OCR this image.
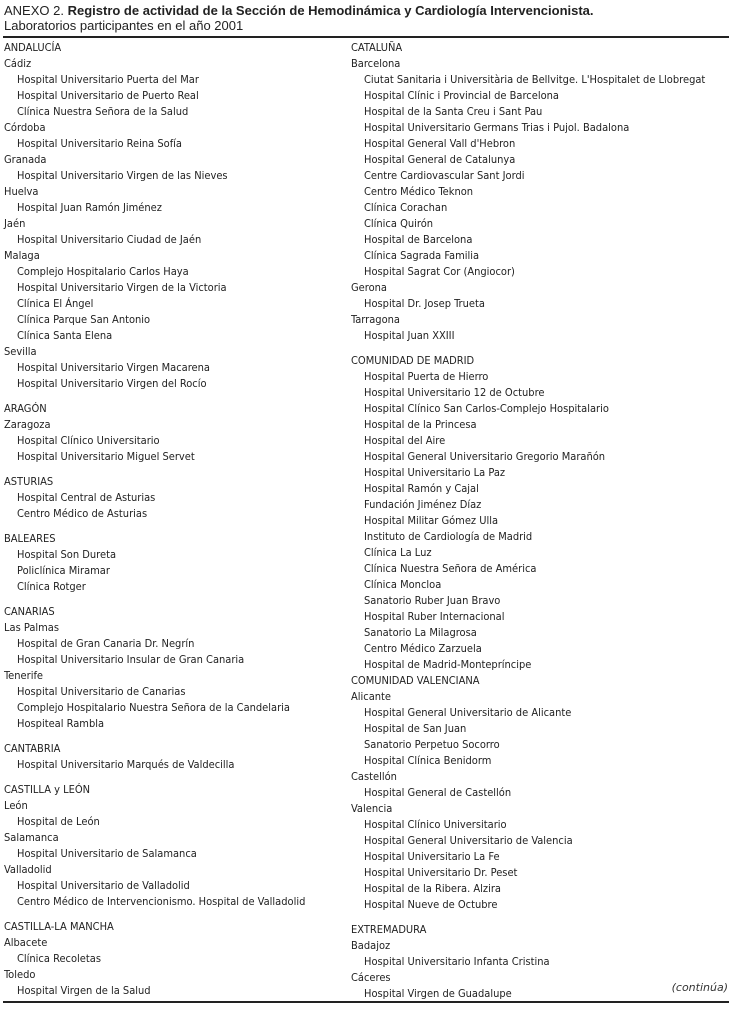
ANEXO 2. Registro de actividad de la Sección de Hemodinámica y Cardiología Intervencionista.
Laboratorios participantes en el año 2001
ANDALUCÍA
Cádiz
Hospital Universitario Puerta del Mar
Hospital Universitario de Puerto Real
Clínica Nuestra Señora de la Salud
Córdoba
Hospital Universitario Reina Sofía
Granada
Hospital Universitario Virgen de las Nieves
Huelva
Hospital Juan Ramón Jiménez
Jaén
Hospital Universitario Ciudad de Jaén
Malaga
Complejo Hospitalario Carlos Haya
Hospital Universitario Virgen de la Victoria
Clínica El Ángel
Clínica Parque San Antonio
Clínica Santa Elena
Sevilla
Hospital Universitario Virgen Macarena
Hospital Universitario Virgen del Rocío
ARAGÓN
Zaragoza
Hospital Clínico Universitario
Hospital Universitario Miguel Servet
ASTURIAS
Hospital Central de Asturias
Centro Médico de Asturias
BALEARES
Hospital Son Dureta
Policlínica Miramar
Clínica Rotger
CANARIAS
Las Palmas
Hospital de Gran Canaria Dr. Negrín
Hospital Universitario Insular de Gran Canaria
Tenerife
Hospital Universitario de Canarias
Complejo Hospitalario Nuestra Señora de la Candelaria
Hospiteal Rambla
CANTABRIA
Hospital Universitario Marqués de Valdecilla
CASTILLA y LEÓN
León
Hospital de León
Salamanca
Hospital Universitario de Salamanca
Valladolid
Hospital Universitario de Valladolid
Centro Médico de Intervencionismo. Hospital de Valladolid
CASTILLA-LA MANCHA
Albacete
Clínica Recoletas
Toledo
Hospital Virgen de la Salud
CATALUÑA
Barcelona
Ciutat Sanitaria i Universitària de Bellvitge. L'Hospitalet de Llobregat
Hospital Clínic i Provincial de Barcelona
Hospital de la Santa Creu i Sant Pau
Hospital Universitario Germans Trias i Pujol. Badalona
Hospital General Vall d'Hebron
Hospital General de Catalunya
Centre Cardiovascular Sant Jordi
Centro Médico Teknon
Clínica Corachan
Clínica Quirón
Hospital de Barcelona
Clínica Sagrada Familia
Hospital Sagrat Cor (Angiocor)
Gerona
Hospital Dr. Josep Trueta
Tarragona
Hospital Juan XXIII
COMUNIDAD DE MADRID
Hospital Puerta de Hierro
Hospital Universitario 12 de Octubre
Hospital Clínico San Carlos-Complejo Hospitalario
Hospital de la Princesa
Hospital del Aire
Hospital General Universitario Gregorio Marañón
Hospital Universitario La Paz
Hospital Ramón y Cajal
Fundación Jiménez Díaz
Hospital Militar Gómez Ulla
Instituto de Cardiología de Madrid
Clínica La Luz
Clínica Nuestra Señora de América
Clínica Moncloa
Sanatorio Ruber Juan Bravo
Hospital Ruber Internacional
Sanatorio La Milagrosa
Centro Médico Zarzuela
Hospital de Madrid-Montepríncipe
COMUNIDAD VALENCIANA
Alicante
Hospital General Universitario de Alicante
Hospital de San Juan
Sanatorio Perpetuo Socorro
Hospital Clínica Benidorm
Castellón
Hospital General de Castellón
Valencia
Hospital Clínico Universitario
Hospital General Universitario de Valencia
Hospital Universitario La Fe
Hospital Universitario Dr. Peset
Hospital de la Ribera. Alzira
Hospital Nueve de Octubre
EXTREMADURA
Badajoz
Hospital Universitario Infanta Cristina
Cáceres
Hospital Virgen de Guadalupe	(continúa)
